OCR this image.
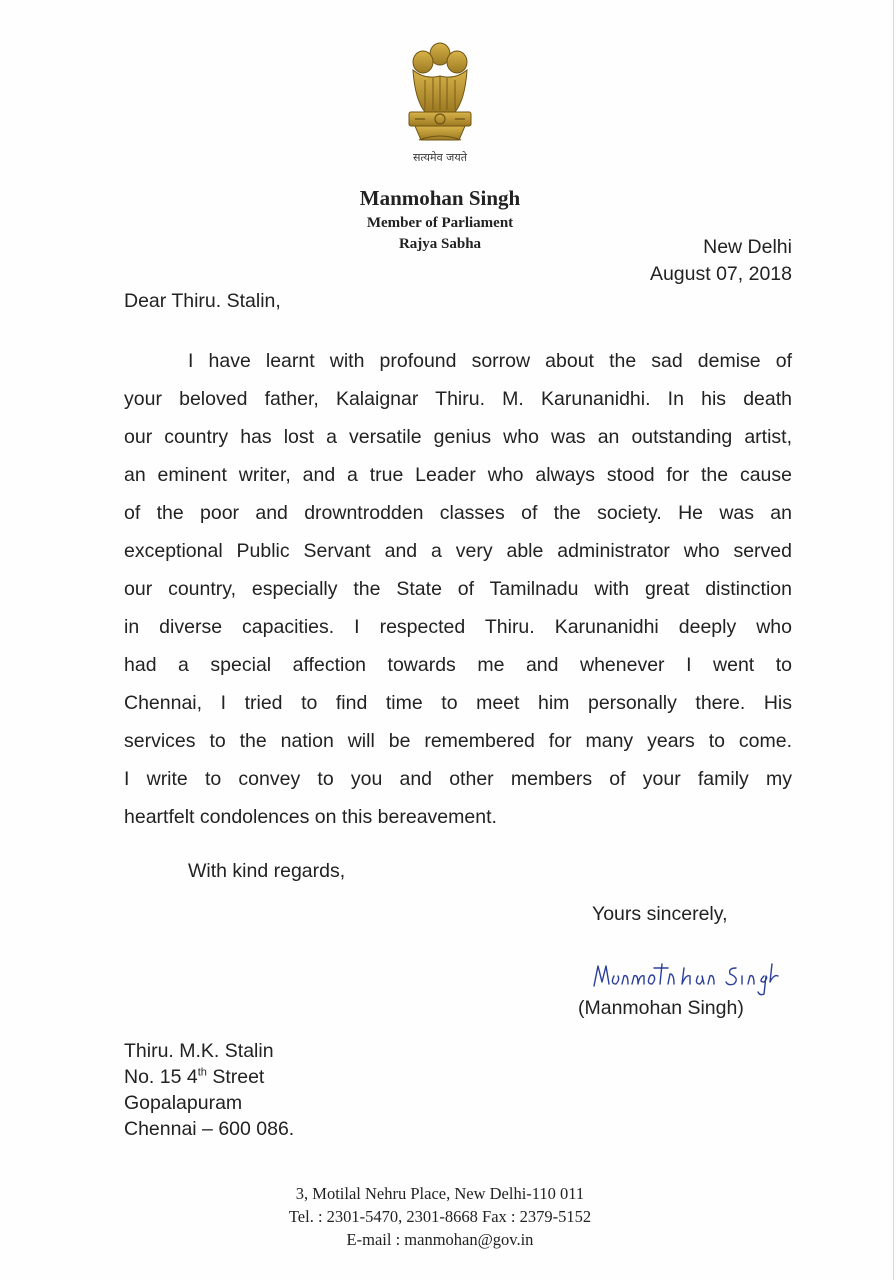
सत्यमेव जयते
Manmohan Singh
Member of Parliament
Rajya Sabha	New Delhi
August 07, 2018
Dear Thiru. Stalin,
I have learnt with profound sorrow about the sad demise of
your beloved father, Kalaignar Thiru. M. Karunanidhi. In his death
our country has lost a versatile genius who was an outstanding artist,
an eminent writer, and a true Leader who always stood for the cause
of the poor and drowntrodden classes of the society. He was an
exceptional Public Servant and a very able administrator who served
our country, especially the State of Tamilnadu with great distinction
in diverse capacities. I respected Thiru. Karunanidhi deeply who
had a special affection towards me and whenever I went to
Chennai, I tried to find time to meet him personally there. His
services to the nation will be remembered for many years to come.
I write to convey to you and other members of your family my
heartfelt condolences on this bereavement.
With kind regards,
Yours sincerely,
(Manmohan Singh)
Thiru. M.K. Stalin
No. 15 4th Street
Gopalapuram
Chennai – 600 086.
3, Motilal Nehru Place, New Delhi-110 011
Tel. : 2301-5470, 2301-8668 Fax : 2379-5152
E-mail : manmohan@gov.in
